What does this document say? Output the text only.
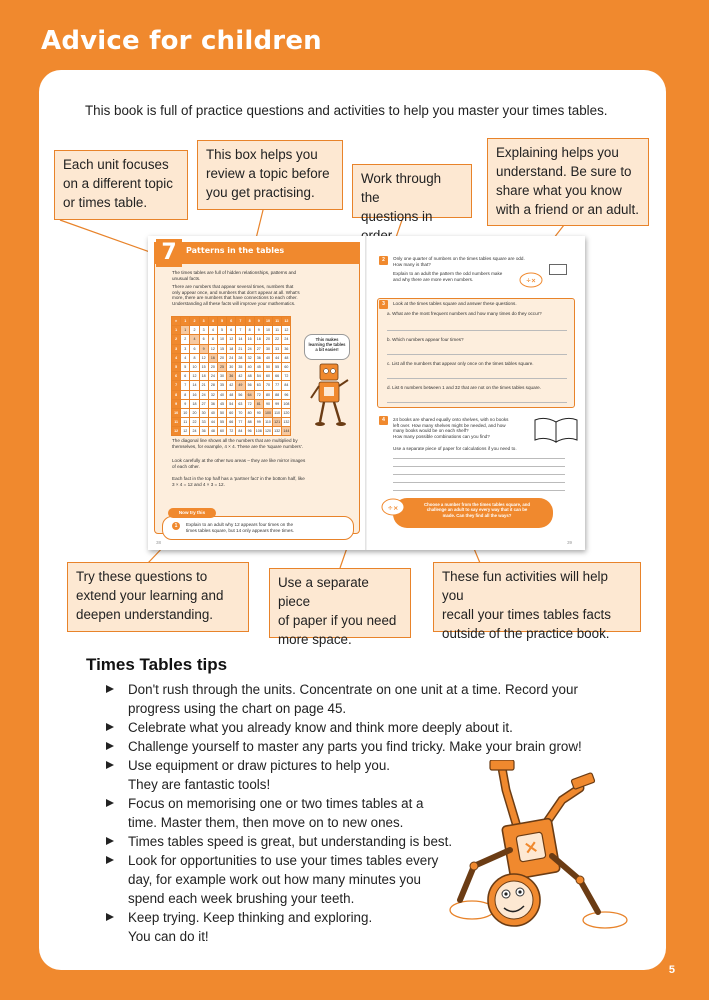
Advice for children
This book is full of practice questions and activities to help you master your times tables.
Each unit focuses
on a different topic
or times table.
This box helps you
review a topic before
you get practising.
Work through the
questions in
Explaining helps you
understand. Be sure to
share what you know
with a friend or an adult.
Try these questions to
extend your learning and
deepen understanding.
Use a separate piece
of paper if you need
more space.
These fun activities will help you
recall your times tables facts
outside of the practice book.
7	Patterns in the tables
The times tables are full of hidden relationships, patterns and
unusual facts.
There are numbers that appear several times, numbers that
only appear once, and numbers that don't appear at all. What's
more, there are numbers that have connections to each other.
Understanding all these facts will improve your mathematics.
×	1	2	3	4	5	6	7	8	9	10	11	12
1	1	2	3	4	5	6	7	8	9	10	11	12
2	2	4	6	8	10	12	14	16	18	20	22	24
3	3	6	9	12	15	18	21	24	27	30	33	36
4	4	8	12	16	20	24	28	32	36	40	44	48
5	5	10	15	20	25	30	35	40	45	50	55	60
6	6	12	18	24	30	36	42	48	54	60	66	72
7	7	14	21	28	35	42	49	56	63	70	77	84
8	8	16	24	32	40	48	56	64	72	80	88	96
9	9	18	27	36	45	54	63	72	81	90	99	108
10	10	20	30	40	50	60	70	80	90	100	110	120
11	11	22	33	44	55	66	77	88	99	110	121	132
12	12	24	36	48	60	72	84	96	108	120	132	144
This makes
learning the tables
a bit easier!
The diagonal line shows all the numbers that are multiplied by
themselves, for example, 4 × 4. These are the 'square numbers'.
Look carefully at the other two areas – they are like mirror images
of each other.
Each fact in the top half has a 'partner fact' in the bottom half, like
3 × 4 = 12 and 4 × 3 = 12.
Now try this
Explain to an adult why 12 appears four times on the
times tables square, but 14 only appears three times.
1
38
2	Only one quarter of numbers on the times tables square are odd.
How many is that?
Explain to an adult the pattern the odd numbers make
and why there are more even numbers.	÷×
3	Look at the times tables square and answer these questions.
a. What are the most frequent numbers and how many times do they occur?
b. Which numbers appear four times?
c. List all the numbers that appear only once on the times tables square.
d. List 6 numbers between 1 and 32 that are not on the times tables square.
4	24 books are shared equally onto shelves, with no books
left over. How many shelves might be needed, and how
many books would be on each shelf?
How many possible combinations can you find?
Use a separate piece of paper for calculations if you need to.
÷×	Choose a number from the times tables square, and
challenge an adult to say every way that it can be
made. Can they find all the ways?
39
Times Tables tips
Don't rush through the units. Concentrate on one unit at a time. Record your
progress using the chart on page 45.
Celebrate what you already know and think more deeply about it.
Challenge yourself to master any parts you find tricky. Make your brain grow!
Use equipment or draw pictures to help you.
They are fantastic tools!
Focus on memorising one or two times tables at a
time. Master them, then move on to new ones.
Times tables speed is great, but understanding is best.
Look for opportunities to use your times tables every
day, for example work out how many minutes you
spend each week brushing your teeth.
Keep trying. Keep thinking and exploring.
You can do it!
×
5
